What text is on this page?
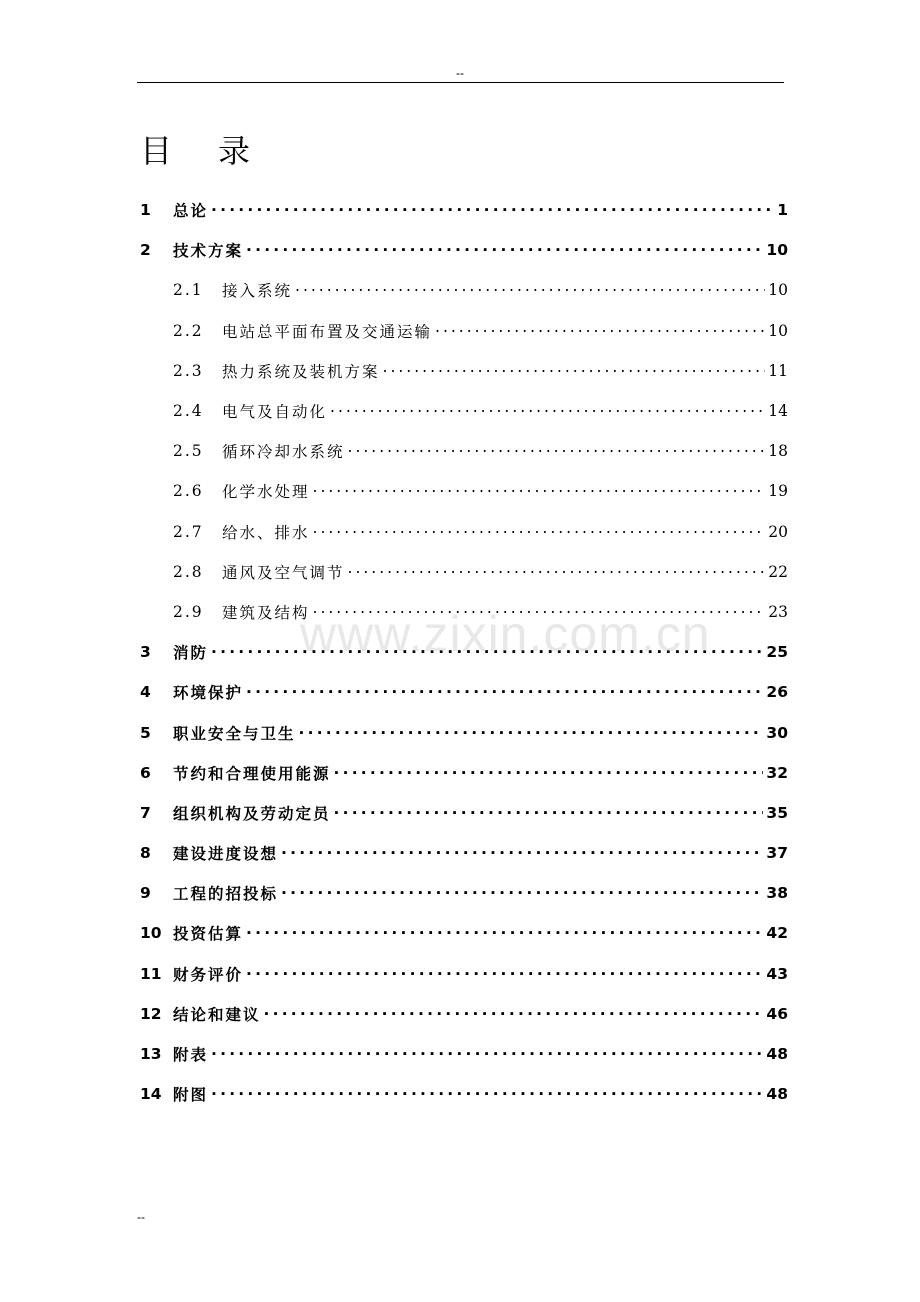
--
目录
1	总论 .....	1
2	技术方案 .....	10
2.1	接入系统 .....	10
2.2	电站总平面布置及交通运输 .....	10
2.3	热力系统及装机方案 .....	11
2.4	电气及自动化 .....	14
2.5	循环冷却水系统 .....	18
2.6	化学水处理 .....	19
2.7	给水、排水 .....	20
2.8	通风及空气调节 .....	22
2.9	建筑及结构 .....	23
3	消防 .....	25
4	环境保护 .....	26
5	职业安全与卫生 .....	30
6	节约和合理使用能源 .....	32
7	组织机构及劳动定员 .....	35
8	建设进度设想 .....	37
9	工程的招投标 .....	38
10 投资估算 .....	42
11 财务评价 .....	43
12 结论和建议 .....	46
13 附表 .....	48
14 附图 .....	48
www.zixin.com.cn
--
